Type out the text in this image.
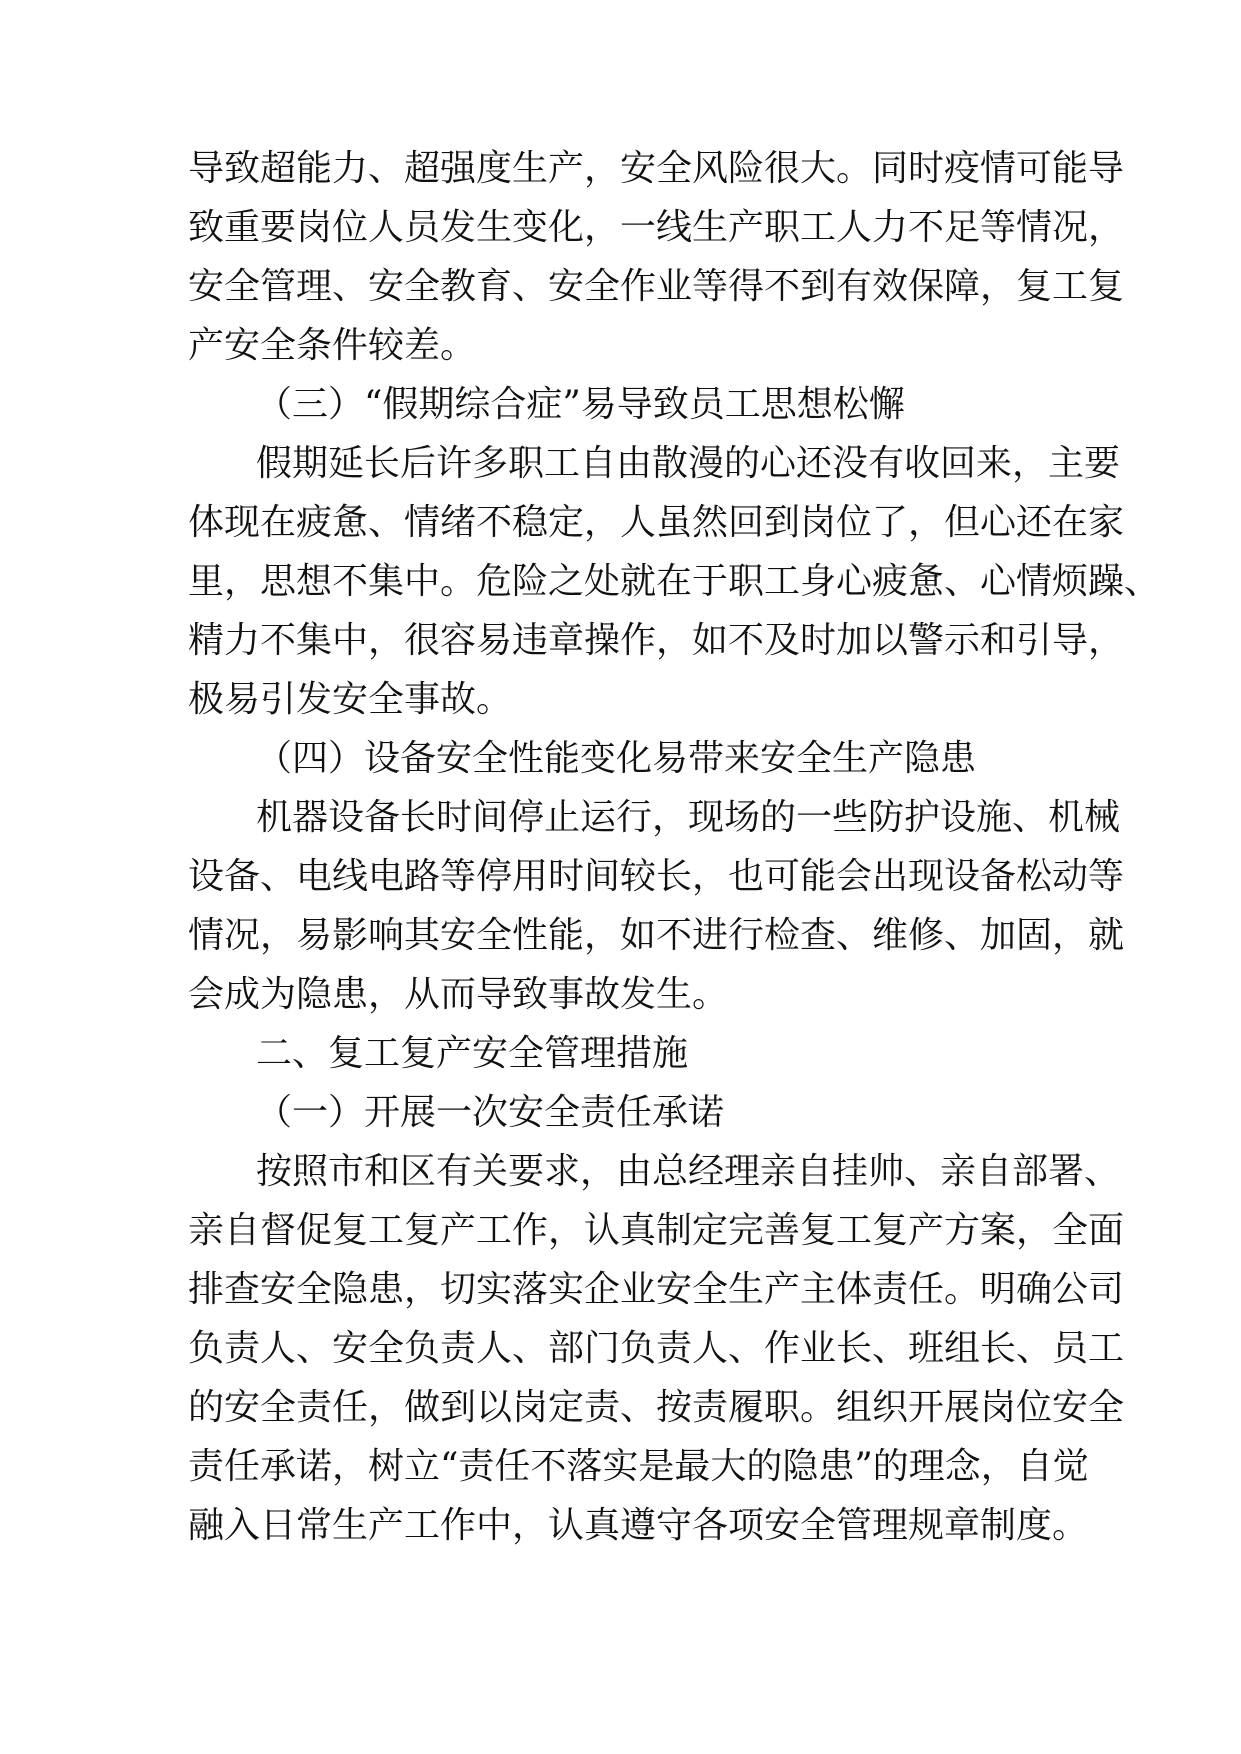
导致超能力、超强度生产，安全风险很大。同时疫情可能导
致重要岗位人员发生变化，一线生产职工人力不足等情况，
安全管理、安全教育、安全作业等得不到有效保障，复工复
产安全条件较差。
（三）“假期综合症”易导致员工思想松懈
假期延长后许多职工自由散漫的心还没有收回来，主要
体现在疲惫、情绪不稳定，人虽然回到岗位了，但心还在家
里，思想不集中。危险之处就在于职工身心疲惫、心情烦躁、
精力不集中，很容易违章操作，如不及时加以警示和引导，
极易引发安全事故。
（四）设备安全性能变化易带来安全生产隐患
机器设备长时间停止运行，现场的一些防护设施、机械
设备、电线电路等停用时间较长，也可能会出现设备松动等
情况，易影响其安全性能，如不进行检查、维修、加固，就
会成为隐患，从而导致事故发生。
二、复工复产安全管理措施
（一）开展一次安全责任承诺
按照市和区有关要求，由总经理亲自挂帅、亲自部署、
亲自督促复工复产工作，认真制定完善复工复产方案，全面
排查安全隐患，切实落实企业安全生产主体责任。明确公司
负责人、安全负责人、部门负责人、作业长、班组长、员工
的安全责任，做到以岗定责、按责履职。组织开展岗位安全
责任承诺，树立“责任不落实是最大的隐患”的理念，自觉
融入日常生产工作中，认真遵守各项安全管理规章制度。
